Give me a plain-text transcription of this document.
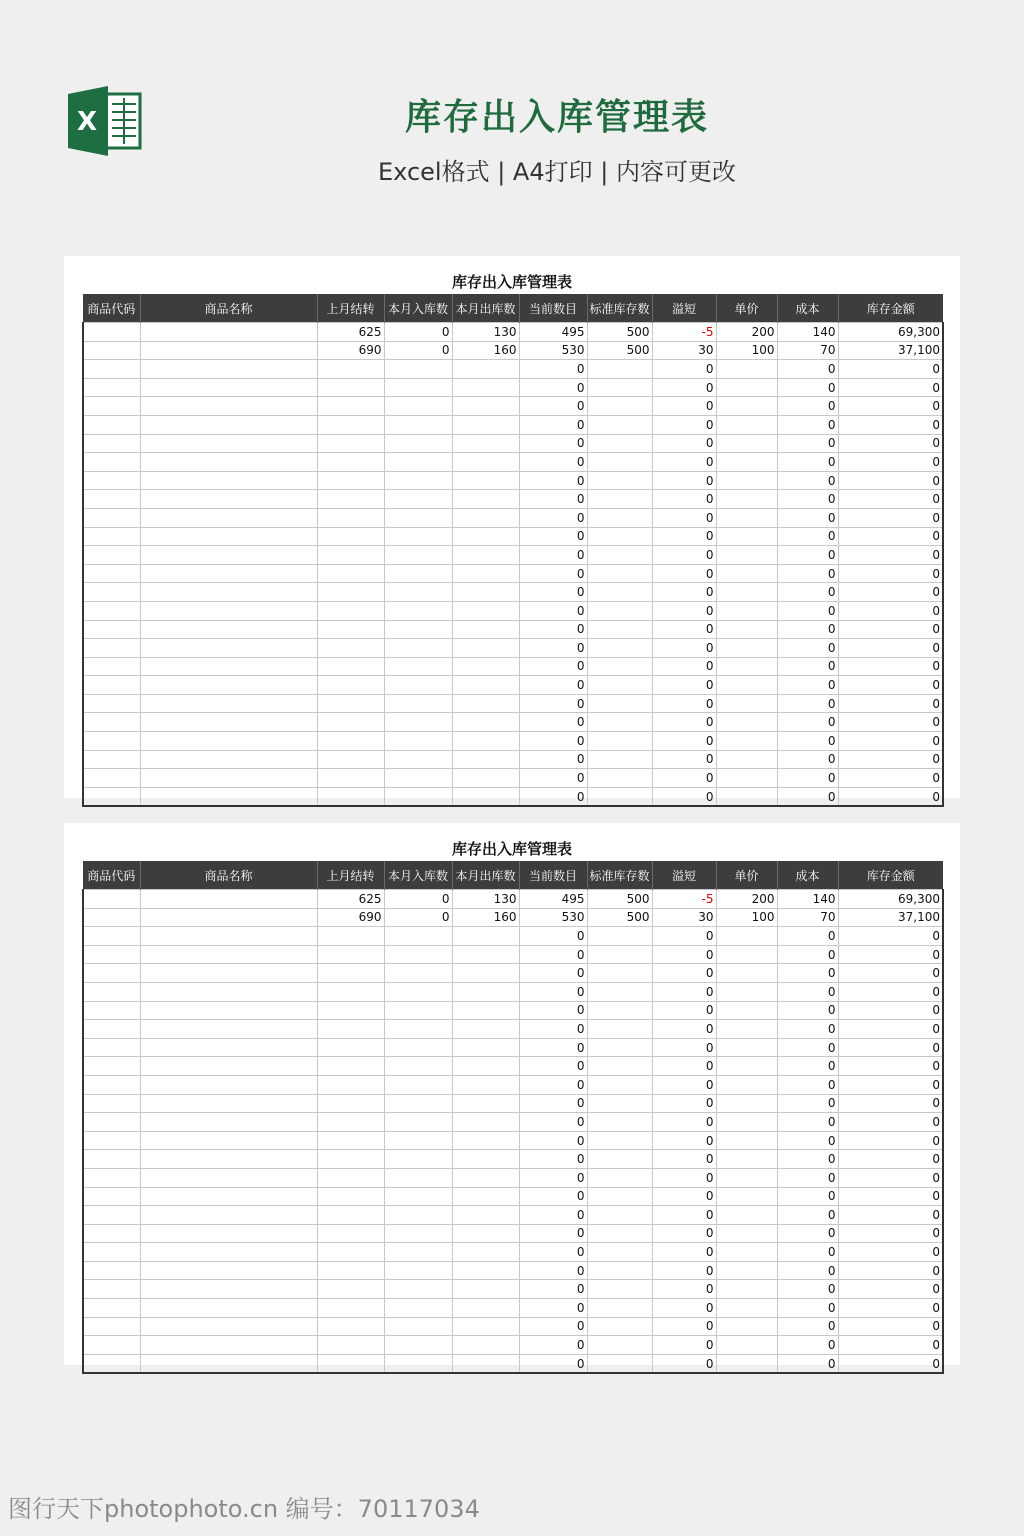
X	库存出入库管理表
Excel格式 | A4打印 | 内容可更改
库存出入库管理表
商品代码	商品名称	上月结转	本月入库数	本月出库数	当前数目	标准库存数	溢短	单价	成本	库存金额
		625	0	130	495	500	-5	200	140	69,300
		690	0	160	530	500	30	100	70	37,100
					0		0		0	0
					0		0		0	0
					0		0		0	0
					0		0		0	0
					0		0		0	0
					0		0		0	0
					0		0		0	0
					0		0		0	0
					0		0		0	0
					0		0		0	0
					0		0		0	0
					0		0		0	0
					0		0		0	0
					0		0		0	0
					0		0		0	0
					0		0		0	0
					0		0		0	0
					0		0		0	0
					0		0		0	0
					0		0		0	0
					0		0		0	0
					0		0		0	0
					0		0		0	0
					0		0		0	0
库存出入库管理表
商品代码	商品名称	上月结转	本月入库数	本月出库数	当前数目	标准库存数	溢短	单价	成本	库存金额
		625	0	130	495	500	-5	200	140	69,300
		690	0	160	530	500	30	100	70	37,100
					0		0		0	0
					0		0		0	0
					0		0		0	0
					0		0		0	0
					0		0		0	0
					0		0		0	0
					0		0		0	0
					0		0		0	0
					0		0		0	0
					0		0		0	0
					0		0		0	0
					0		0		0	0
					0		0		0	0
					0		0		0	0
					0		0		0	0
					0		0		0	0
					0		0		0	0
					0		0		0	0
					0		0		0	0
					0		0		0	0
					0		0		0	0
					0		0		0	0
					0		0		0	0
					0		0		0	0
图行天下photophoto.cn 编号：70117034
